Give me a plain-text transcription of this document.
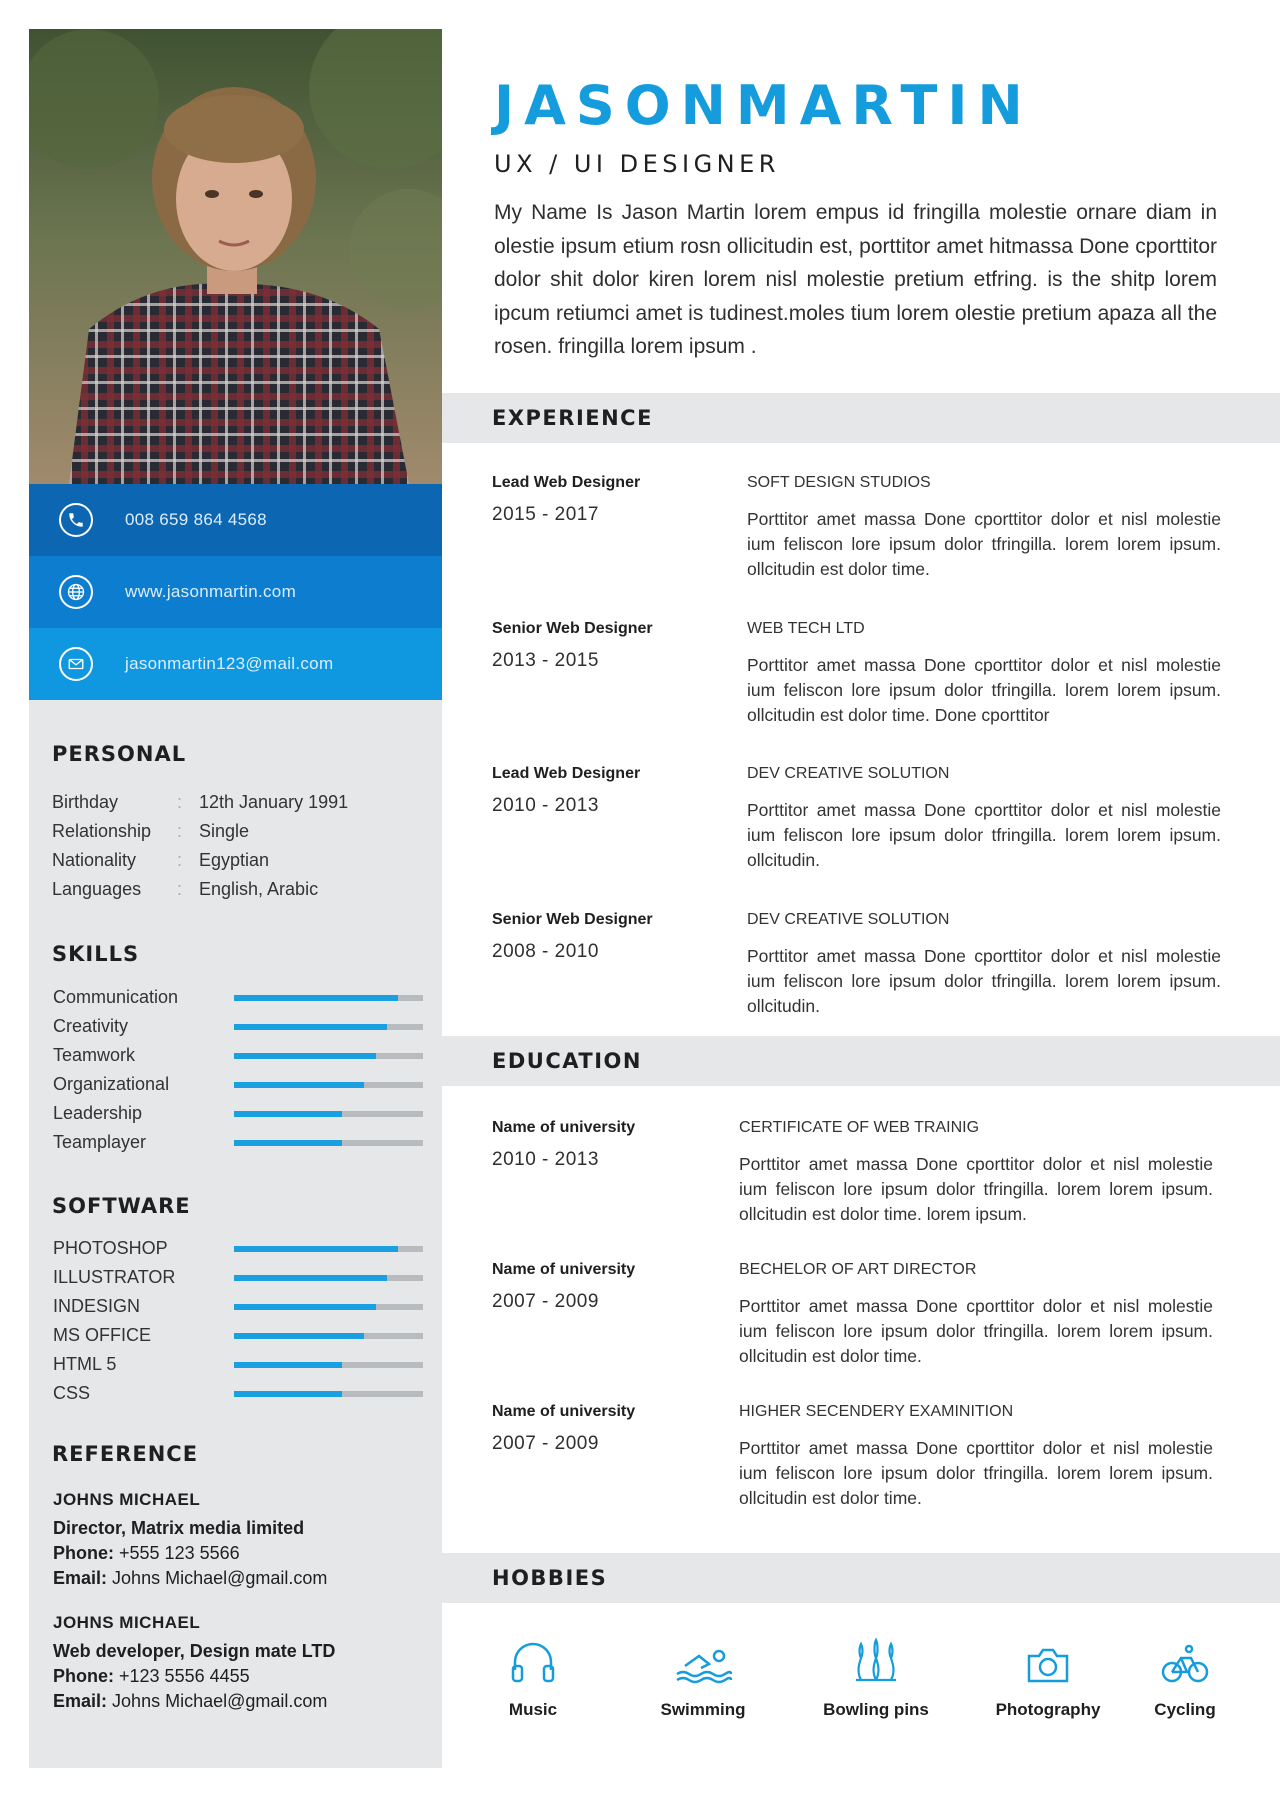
008 659 864 4568
www.jasonmartin.com
jasonmartin123@mail.com
PERSONAL
Birthday	: 12th January 1991
Relationship	: Single
Nationality	: Egyptian
Languages	: English, Arabic
SKILLS
Communication
Creativity
Teamwork
Organizational
Leadership
Teamplayer
SOFTWARE
PHOTOSHOP
ILLUSTRATOR
INDESIGN
MS OFFICE
HTML 5
CSS
REFERENCE
JOHNS MICHAEL
Director, Matrix media limited
Phone: +555 123 5566
Email: Johns Michael@gmail.com
JOHNS MICHAEL
Web developer, Design mate LTD
Phone: +123 5556 4455
Email: Johns Michael@gmail.com
JASONMARTIN
UX / UI DESIGNER
My Name Is Jason Martin lorem empus id fringilla molestie ornare diam in olestie ipsum etium rosn ollicitudin est, porttitor amet hitmassa Done cporttitor dolor shit dolor kiren lorem nisl molestie pretium etfring. is the shitp lorem ipcum retiumci amet is tudinest.moles tium lorem olestie pretium apaza all the rosen. fringilla lorem ipsum .
EXPERIENCE
Lead Web Designer
2015 - 2017
SOFT DESIGN STUDIOS
Porttitor amet massa Done cporttitor dolor et nisl molestie ium feliscon lore ipsum dolor tfringilla. lorem lorem ipsum. ollcitudin est dolor time.
Senior Web Designer
2013 - 2015
WEB TECH LTD
Porttitor amet massa Done cporttitor dolor et nisl molestie ium feliscon lore ipsum dolor tfringilla. lorem lorem ipsum. ollcitudin est dolor time. Done cporttitor
Lead Web Designer
2010 - 2013
DEV CREATIVE SOLUTION
Porttitor amet massa Done cporttitor dolor et nisl molestie ium feliscon lore ipsum dolor tfringilla. lorem lorem ipsum. ollcitudin.
Senior Web Designer
2008 - 2010
DEV CREATIVE SOLUTION
Porttitor amet massa Done cporttitor dolor et nisl molestie ium feliscon lore ipsum dolor tfringilla. lorem lorem ipsum. ollcitudin.
EDUCATION
Name of university
2010 - 2013
CERTIFICATE OF WEB TRAINIG
Porttitor amet massa Done cporttitor dolor et nisl molestie ium feliscon lore ipsum dolor tfringilla. lorem lorem ipsum. ollcitudin est dolor time. lorem ipsum.
Name of university
2007 - 2009
BECHELOR OF ART DIRECTOR
Porttitor amet massa Done cporttitor dolor et nisl molestie ium feliscon lore ipsum dolor tfringilla. lorem lorem ipsum. ollcitudin est dolor time.
Name of university
2007 - 2009
HIGHER SECENDERY EXAMINITION
Porttitor amet massa Done cporttitor dolor et nisl molestie ium feliscon lore ipsum dolor tfringilla. lorem lorem ipsum. ollcitudin est dolor time.
HOBBIES
Music	Swimming	Bowling pins	Photography	Cycling
